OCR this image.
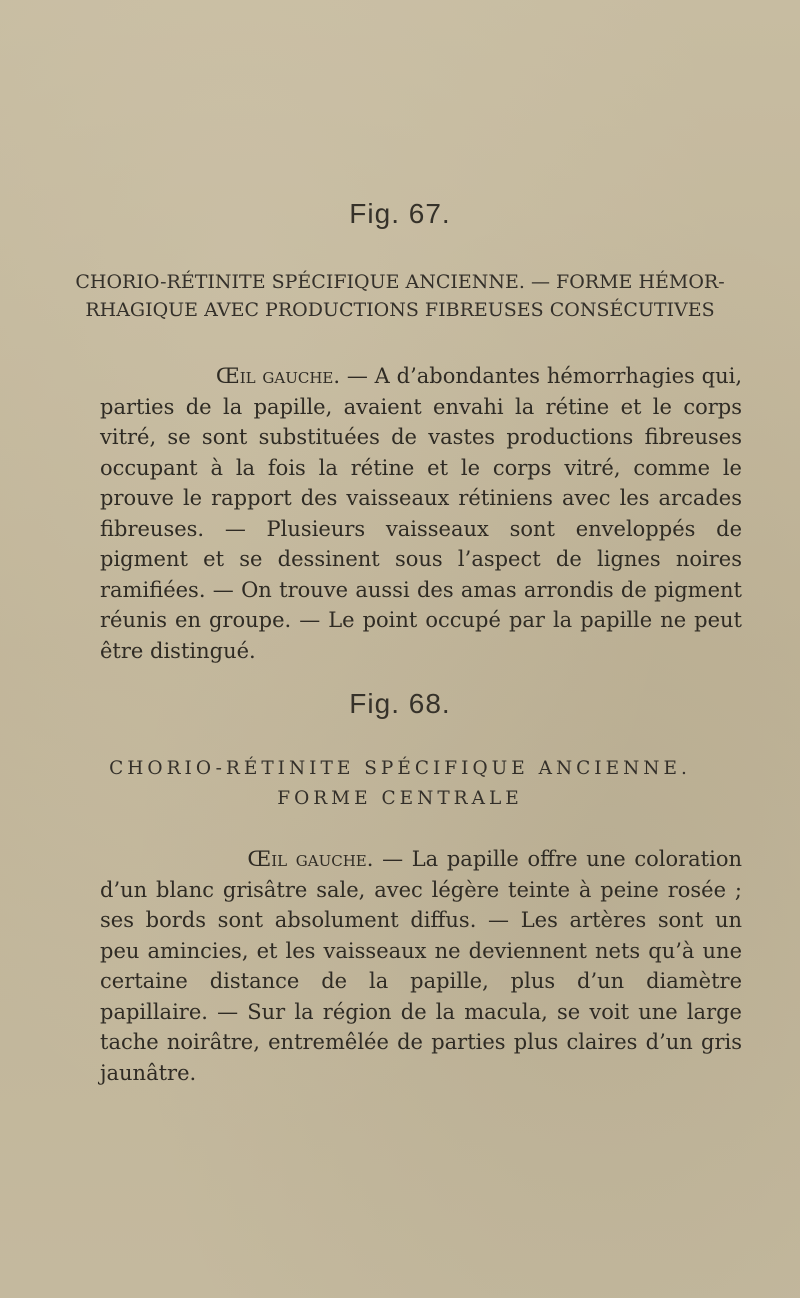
Fig. 67.
CHORIO-RÉTINITE SPÉCIFIQUE ANCIENNE. — FORME HÉMOR-
RHAGIQUE AVEC PRODUCTIONS FIBREUSES CONSÉCUTIVES
Œil gauche. — A d’abondantes hémorrhagies qui, parties de la papille, avaient envahi la rétine et le corps vitré, se sont substituées de vastes productions fibreuses occupant à la fois la rétine et le corps vitré, comme le prouve le rapport des vaisseaux rétiniens avec les arcades fibreuses. — Plusieurs vaisseaux sont enveloppés de pigment et se dessinent sous l’aspect de lignes noires ramifiées. — On trouve aussi des amas arrondis de pigment réunis en groupe. — Le point occupé par la papille ne peut être distingué.
Fig. 68.
CHORIO-RÉTINITE SPÉCIFIQUE ANCIENNE.
FORME CENTRALE
Œil gauche. — La papille offre une coloration d’un blanc grisâtre sale, avec légère teinte à peine rosée ; ses bords sont absolument diffus. — Les artères sont un peu amincies, et les vaisseaux ne deviennent nets qu’à une certaine distance de la papille, plus d’un diamètre papillaire. — Sur la région de la macula, se voit une large tache noirâtre, entremêlée de parties plus claires d’un gris jaunâtre.
